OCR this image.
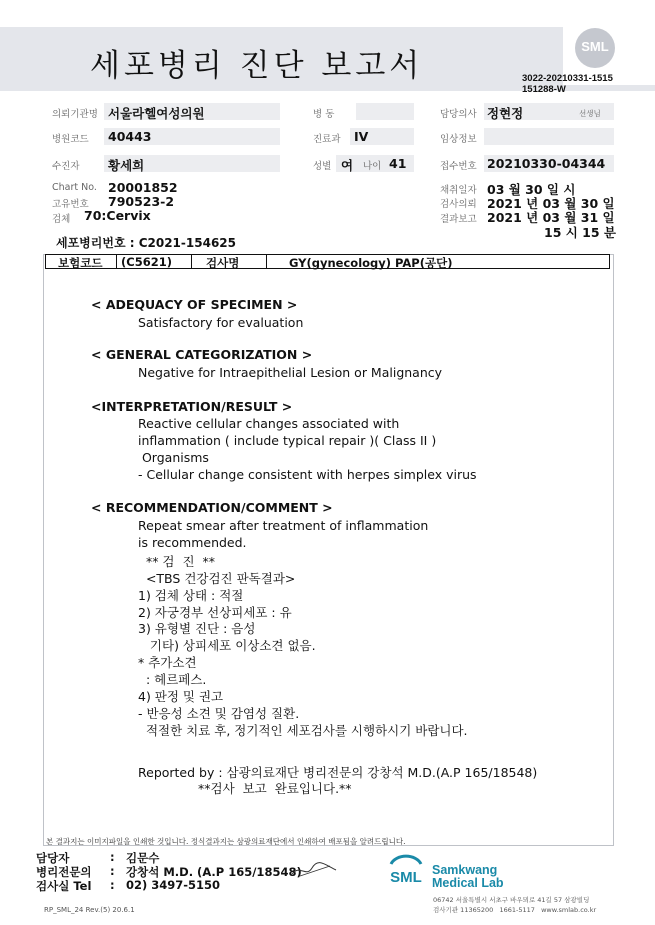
세포병리 진단 보고서
SML
3022-20210331-1515
151288-W
의뢰기관명 서울라헬여성의원	병 동	담당의사 정현정	선생님
병원코드 40443	진료과 IV	임상정보
수진자 황세희	성별 여 나이 41	접수번호 20210330-04344
Chart No. 20001852
고유번호 790523-2
검체 70:Cervix
채취일자 03 월 30 일 시
검사의뢰 2021 년 03 월 30 일
결과보고 2021 년 03 월 31 일
15 시 15 분
세포병리번호 : C2021-154625
보험코드 (C5621)	검사명	GY(gynecology) PAP(공단)
< ADEQUACY OF SPECIMEN >
Satisfactory for evaluation
< GENERAL CATEGORIZATION >
Negative for Intraepithelial Lesion or Malignancy
<INTERPRETATION/RESULT >
Reactive cellular changes associated with
inflammation ( include typical repair )( Class II )
Organisms
- Cellular change consistent with herpes simplex virus
< RECOMMENDATION/COMMENT >
Repeat smear after treatment of inflammation
is recommended.
** 검  진  **
<TBS 건강검진 판독결과>
1) 검체 상태 : 적절
2) 자궁경부 선상피세포 : 유
3) 유형별 진단 : 음성
기타) 상피세포 이상소견 없음.
* 추가소견
: 헤르페스.
4) 판정 및 권고
- 반응성 소견 및 감염성 질환.
적절한 치료 후, 정기적인 세포검사를 시행하시기 바랍니다.
Reported by : 삼광의료재단 병리전문의 강창석 M.D.(A.P 165/18548)
**검사  보고  완료입니다.**
본 결과지는 이미지파일을 인쇄한 것입니다. 정식결과지는 삼광의료재단에서 인쇄하여 배포됨을 알려드립니다.
담당자	: 김문수
병리전문의 : 강창석 M.D. (A.P 165/18548)
검사실 Tel : 02) 3497-5150
RP_SML_24 Rev.(5) 20.6.1
SML Samkwang
Medical Lab
06742 서울특별시 서초구 바우뫼로 41길 57 삼광빌딩
검사기관 11365200   1661-5117   www.smlab.co.kr
